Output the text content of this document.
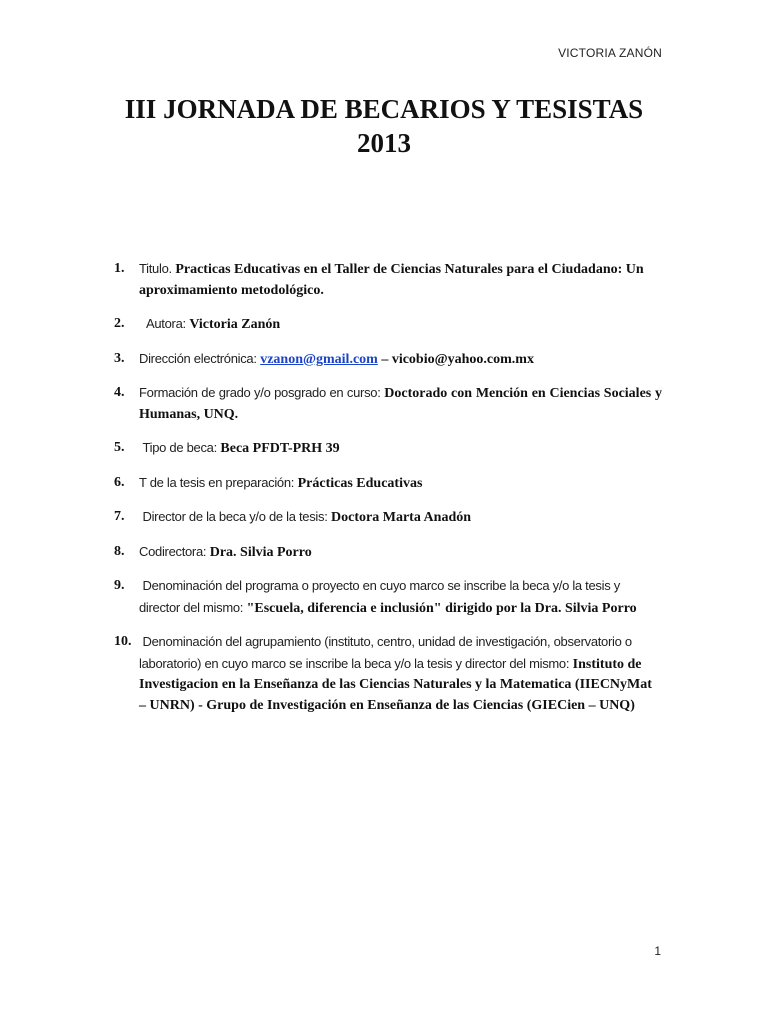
VICTORIA ZANÓN
III JORNADA DE BECARIOS Y TESISTAS
2013
1. Titulo. Practicas Educativas en el Taller de Ciencias Naturales para el Ciudadano: Un aproximamiento metodológico.
2. Autora: Victoria Zanón
3. Dirección electrónica: vzanon@gmail.com – vicobio@yahoo.com.mx
4. Formación de grado y/o posgrado en curso: Doctorado con Mención en Ciencias Sociales y Humanas, UNQ.
5. Tipo de beca: Beca PFDT-PRH 39
6. T de la tesis en preparación: Prácticas Educativas
7. Director de la beca y/o de la tesis: Doctora Marta Anadón
8. Codirectora: Dra. Silvia Porro
9. Denominación del programa o proyecto en cuyo marco se inscribe la beca y/o la tesis y director del mismo: "Escuela, diferencia e inclusión" dirigido por la Dra. Silvia Porro
10. Denominación del agrupamiento (instituto, centro, unidad de investigación, observatorio o laboratorio) en cuyo marco se inscribe la beca y/o la tesis y director del mismo: Instituto de Investigacion en la Enseñanza de las Ciencias Naturales y la Matematica (IIECNyMat – UNRN) - Grupo de Investigación en Enseñanza de las Ciencias (GIECien – UNQ)
1
